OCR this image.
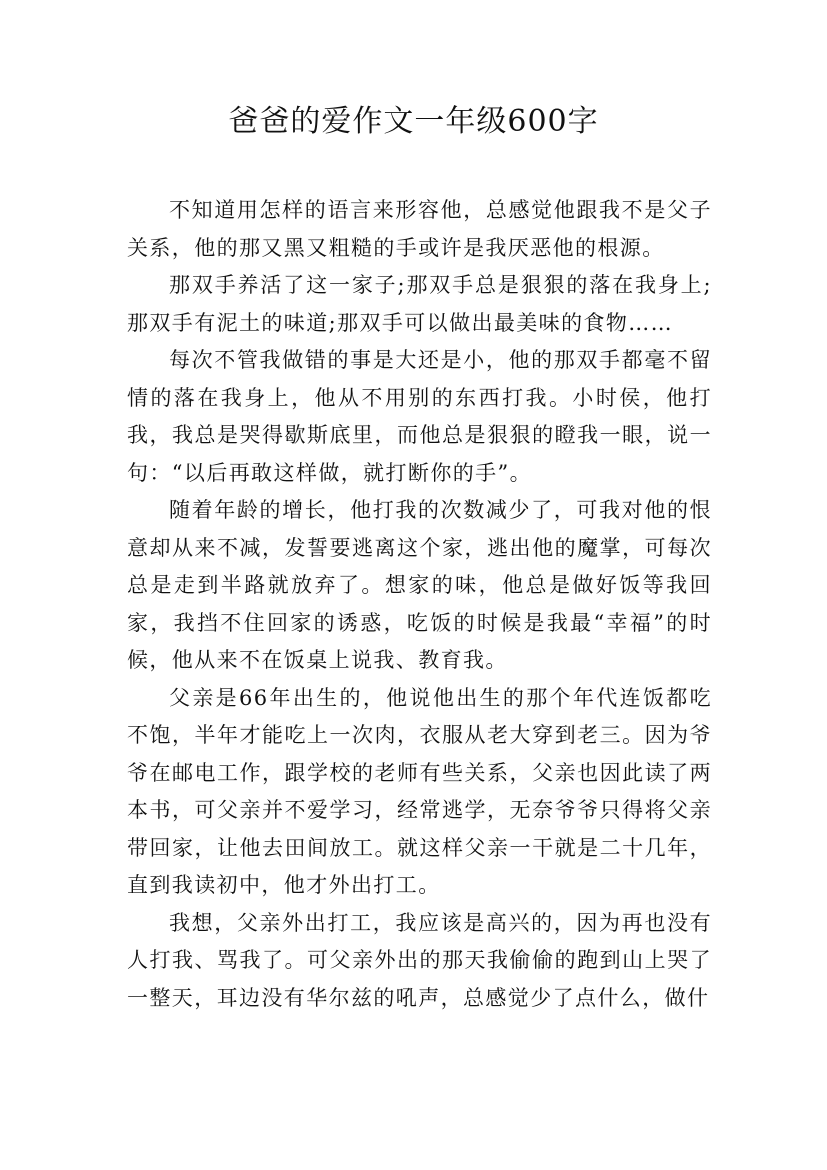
爸爸的爱作文一年级600字

不知道用怎样的语言来形容他，总感觉他跟我不是父子关系，他的那又黑又粗糙的手或许是我厌恶他的根源。

那双手养活了这一家子;那双手总是狠狠的落在我身上;那双手有泥土的味道;那双手可以做出最美味的食物……

每次不管我做错的事是大还是小，他的那双手都毫不留情的落在我身上，他从不用别的东西打我。小时侯，他打我，我总是哭得歇斯底里，而他总是狠狠的瞪我一眼，说一句：“以后再敢这样做，就打断你的手”。

随着年龄的增长，他打我的次数减少了，可我对他的恨意却从来不减，发誓要逃离这个家，逃出他的魔掌，可每次总是走到半路就放弃了。想家的味，他总是做好饭等我回家，我挡不住回家的诱惑，吃饭的时候是我最“幸福”的时候，他从来不在饭桌上说我、教育我。

父亲是66年出生的，他说他出生的那个年代连饭都吃不饱，半年才能吃上一次肉，衣服从老大穿到老三。因为爷爷在邮电工作，跟学校的老师有些关系，父亲也因此读了两本书，可父亲并不爱学习，经常逃学，无奈爷爷只得将父亲带回家，让他去田间放工。就这样父亲一干就是二十几年，直到我读初中，他才外出打工。

我想，父亲外出打工，我应该是高兴的，因为再也没有人打我、骂我了。可父亲外出的那天我偷偷的跑到山上哭了一整天，耳边没有华尔兹的吼声，总感觉少了点什么，做什
